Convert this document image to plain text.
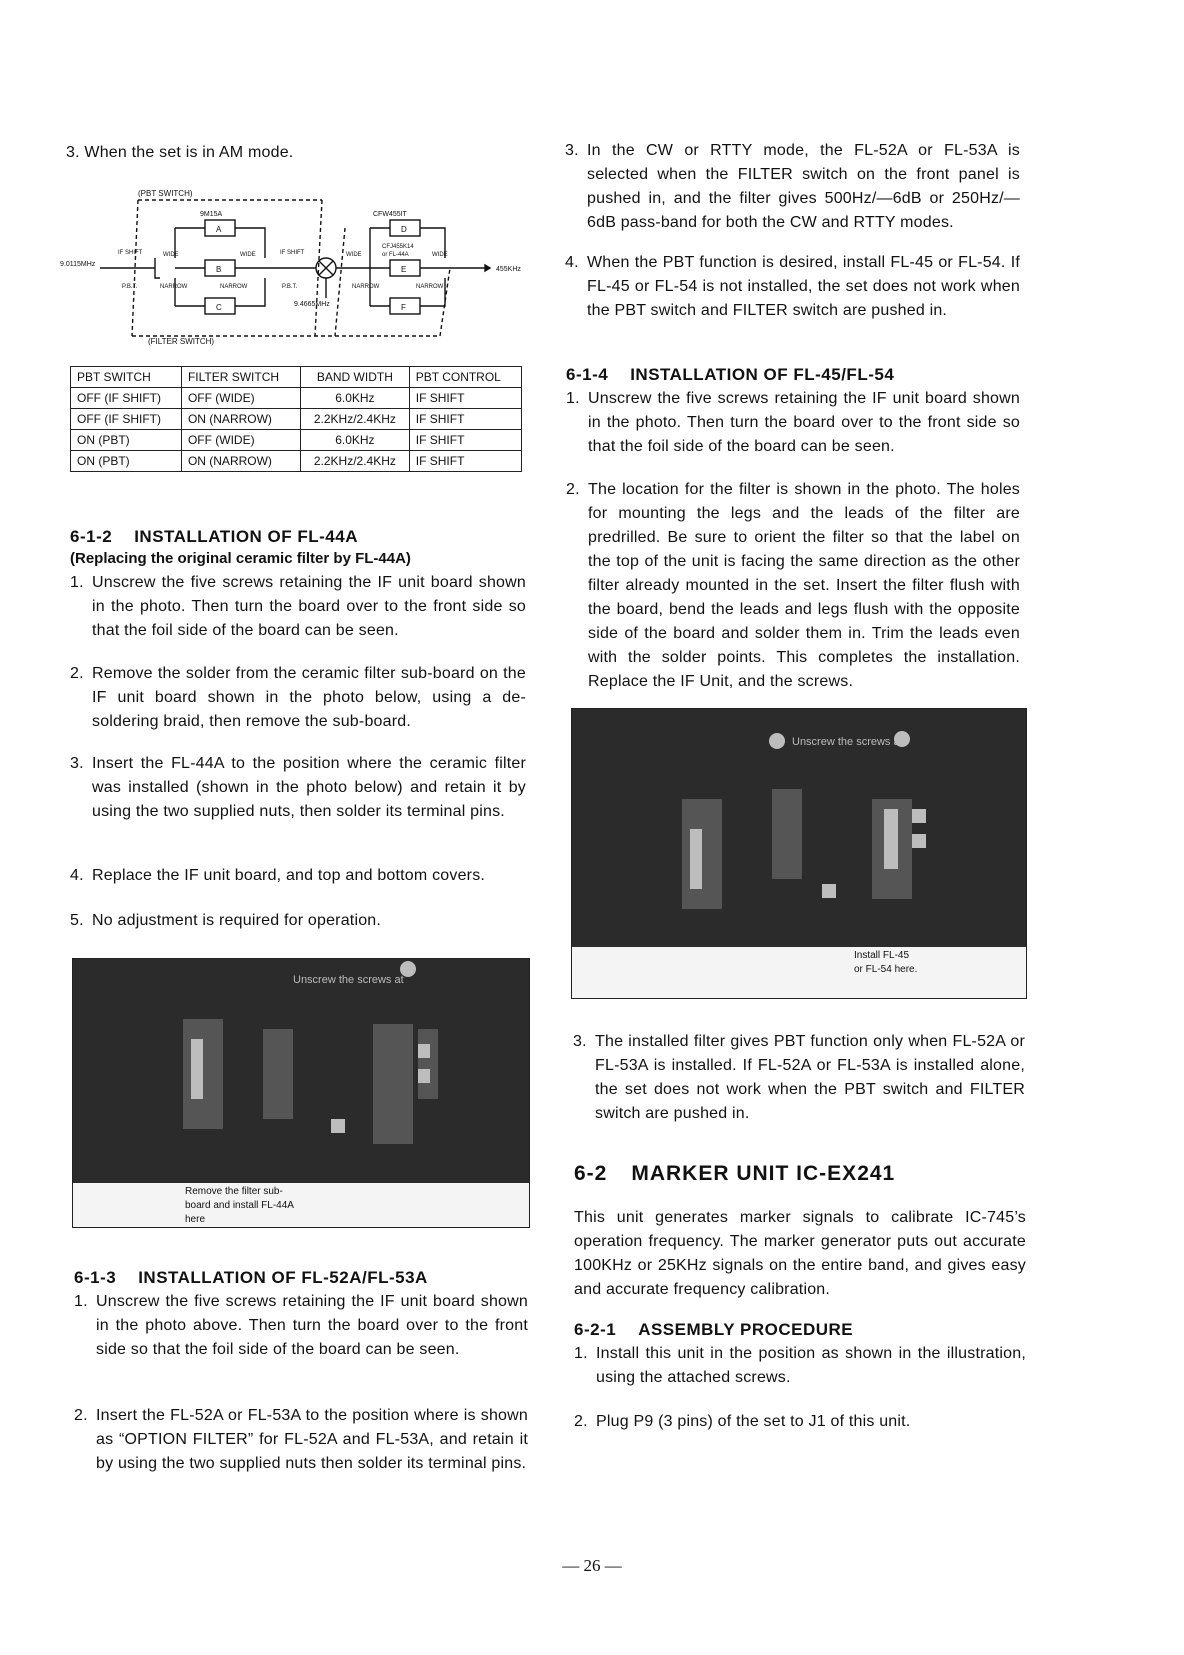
3. When the set is in AM mode.

(PBT SWITCH)
(FILTER SWITCH)
9.0115MHz
9.4665MHz
455KHz
9M15A	CFW455IT
CFJ455K14
or FL-44A
A
B
C
D
E
F
IF SHIFT	IF SHIFT
P.B.T.	P.B.T.
WIDE	WIDE	WIDE	WIDE
NARROW	NARROW	NARROW	NARROW
PBT SWITCH	FILTER SWITCH	BAND WIDTH	PBT CONTROL
OFF (IF SHIFT)	OFF (WIDE)	6.0KHz	IF SHIFT
OFF (IF SHIFT)	ON (NARROW)	2.2KHz/2.4KHz	IF SHIFT
ON (PBT)	OFF (WIDE)	6.0KHz	IF SHIFT
ON (PBT)	ON (NARROW)	2.2KHz/2.4KHz	IF SHIFT
6-1-2 INSTALLATION OF FL-44A
(Replacing the original ceramic filter by FL-44A)
1. Unscrew the five screws retaining the IF unit board shown in the photo. Then turn the board over to the front side so that the foil side of the board can be seen.
2. Remove the solder from the ceramic filter sub-board on the IF unit board shown in the photo below, using a de-soldering braid, then remove the sub-board.
3. Insert the FL-44A to the position where the ceramic filter was installed (shown in the photo below) and retain it by using the two supplied nuts, then solder its terminal pins.
4. Replace the IF unit board, and top and bottom covers.
5. No adjustment is required for operation.
Unscrew the screws at
Remove the filter sub-
board and install FL-44A
here
6-1-3 INSTALLATION OF FL-52A/FL-53A
1. Unscrew the five screws retaining the IF unit board shown in the photo above. Then turn the board over to the front side so that the foil side of the board can be seen.
2. Insert the FL-52A or FL-53A to the position where is shown as “OPTION FILTER” for FL-52A and FL-53A, and retain it by using the two supplied nuts then solder its terminal pins.
3. In the CW or RTTY mode, the FL-52A or FL-53A is selected when the FILTER switch on the front panel is pushed in, and the filter gives 500Hz/—6dB or 250Hz/—6dB pass-band for both the CW and RTTY modes.
4. When the PBT function is desired, install FL-45 or FL-54. If FL-45 or FL-54 is not installed, the set does not work when the PBT switch and FILTER switch are pushed in.
6-1-4 INSTALLATION OF FL-45/FL-54
1. Unscrew the five screws retaining the IF unit board shown in the photo. Then turn the board over to the front side so that the foil side of the board can be seen.
2. The location for the filter is shown in the photo. The holes for mounting the legs and the leads of the filter are predrilled. Be sure to orient the filter so that the label on the top of the unit is facing the same direction as the other filter already mounted in the set. Insert the filter flush with the board, bend the leads and legs flush with the opposite side of the board and solder them in. Trim the leads even with the solder points. This completes the installation. Replace the IF Unit, and the screws.
Unscrew the screws at
Install FL-45
or FL-54 here.
3. The installed filter gives PBT function only when FL-52A or FL-53A is installed. If FL-52A or FL-53A is installed alone, the set does not work when the PBT switch and FILTER switch are pushed in.
6-2 MARKER UNIT IC-EX241

This unit generates marker signals to calibrate IC-745’s operation frequency. The marker generator puts out accurate 100KHz or 25KHz signals on the entire band, and gives easy and accurate frequency calibration.

6-2-1 ASSEMBLY PROCEDURE
1. Install this unit in the position as shown in the illustration, using the attached screws.
2. Plug P9 (3 pins) of the set to J1 of this unit.
— 26 —
